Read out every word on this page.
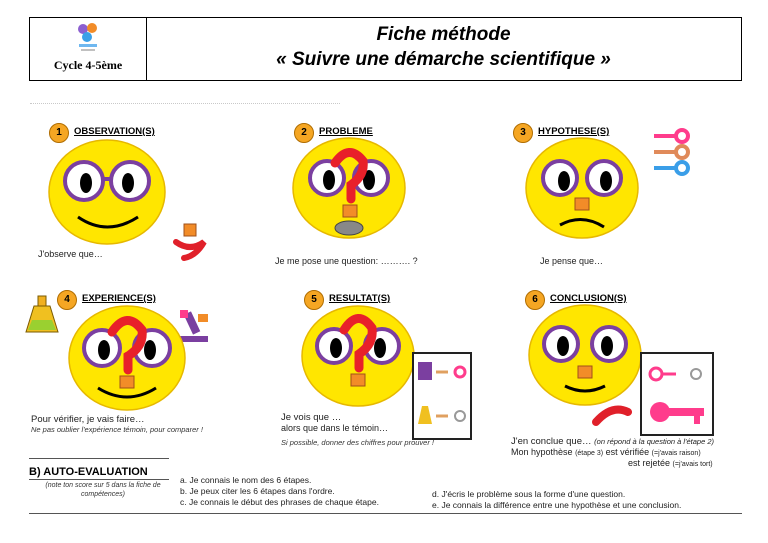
Cycle 4-5ème
Fiche méthode
« Suivre une démarche scientifique »
1	OBSERVATION(S)
J'observe que…
2	PROBLEME
Je me pose une question: ………. ?
3	HYPOTHESE(S)
Je pense que…
4	EXPERIENCE(S)
Pour vérifier, je vais faire…
Ne pas oublier l'expérience témoin, pour comparer !
5	RESULTAT(S)
Je vois que …
alors que dans le témoin…
Si possible, donner des chiffres pour prouver !
6	CONCLUSION(S)
J'en conclue que… (on répond à la question à l'étape 2)
Mon hypothèse (étape 3) est vérifiée (=j'avais raison)
est rejetée (=j'avais tort)
B) AUTO-EVALUATION
(note ton score sur 5 dans la fiche de compétences)
a. Je connais le nom des 6 étapes.
b. Je peux citer les 6 étapes dans l'ordre.
c. Je connais le début des phrases de chaque étape.
d. J'écris le problème sous la forme d'une question.
e. Je connais la différence entre une hypothèse et une conclusion.
